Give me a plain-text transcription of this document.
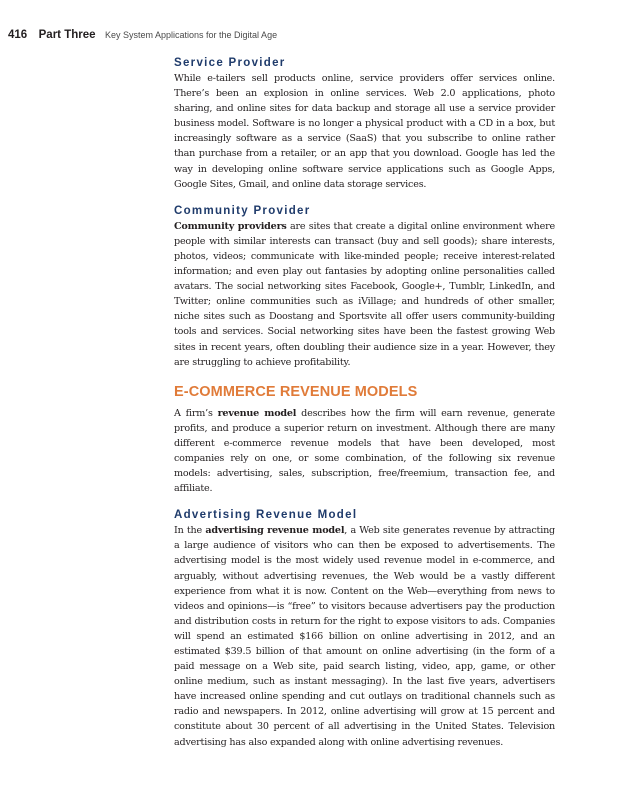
416 Part Three Key System Applications for the Digital Age
Service Provider

While e-tailers sell products online, service providers offer services online. There’s been an explosion in online services. Web 2.0 applications, photo sharing, and online sites for data backup and storage all use a service provider business model. Software is no longer a physical product with a CD in a box, but increasingly software as a service (SaaS) that you subscribe to online rather than purchase from a retailer, or an app that you download. Google has led the way in developing online software service applications such as Google Apps, Google Sites, Gmail, and online data storage services.

Community Provider

Community providers are sites that create a digital online environment where people with similar interests can transact (buy and sell goods); share interests, photos, videos; communicate with like-minded people; receive interest-related information; and even play out fantasies by adopting online personalities called avatars. The social networking sites Facebook, Google+, Tumblr, LinkedIn, and Twitter; online communities such as iVillage; and hundreds of other smaller, niche sites such as Doostang and Sportsvite all offer users community-building tools and services. Social networking sites have been the fastest growing Web sites in recent years, often doubling their audience size in a year. However, they are struggling to achieve profitability.

E-COMMERCE REVENUE MODELS

A firm’s revenue model describes how the firm will earn revenue, generate profits, and produce a superior return on investment. Although there are many different e-commerce revenue models that have been developed, most companies rely on one, or some combination, of the following six revenue models: advertising, sales, subscription, free/freemium, transaction fee, and affiliate.

Advertising Revenue Model

In the advertising revenue model, a Web site generates revenue by attracting a large audience of visitors who can then be exposed to advertisements. The advertising model is the most widely used revenue model in e-commerce, and arguably, without advertising revenues, the Web would be a vastly different experience from what it is now. Content on the Web—everything from news to videos and opinions—is “free” to visitors because advertisers pay the production and distribution costs in return for the right to expose visitors to ads. Companies will spend an estimated $166 billion on online advertising in 2012, and an estimated $39.5 billion of that amount on online advertising (in the form of a paid message on a Web site, paid search listing, video, app, game, or other online medium, such as instant messaging). In the last five years, advertisers have increased online spending and cut outlays on traditional channels such as radio and newspapers. In 2012, online advertising will grow at 15 percent and constitute about 30 percent of all advertising in the United States. Television advertising has also expanded along with online advertising revenues.
